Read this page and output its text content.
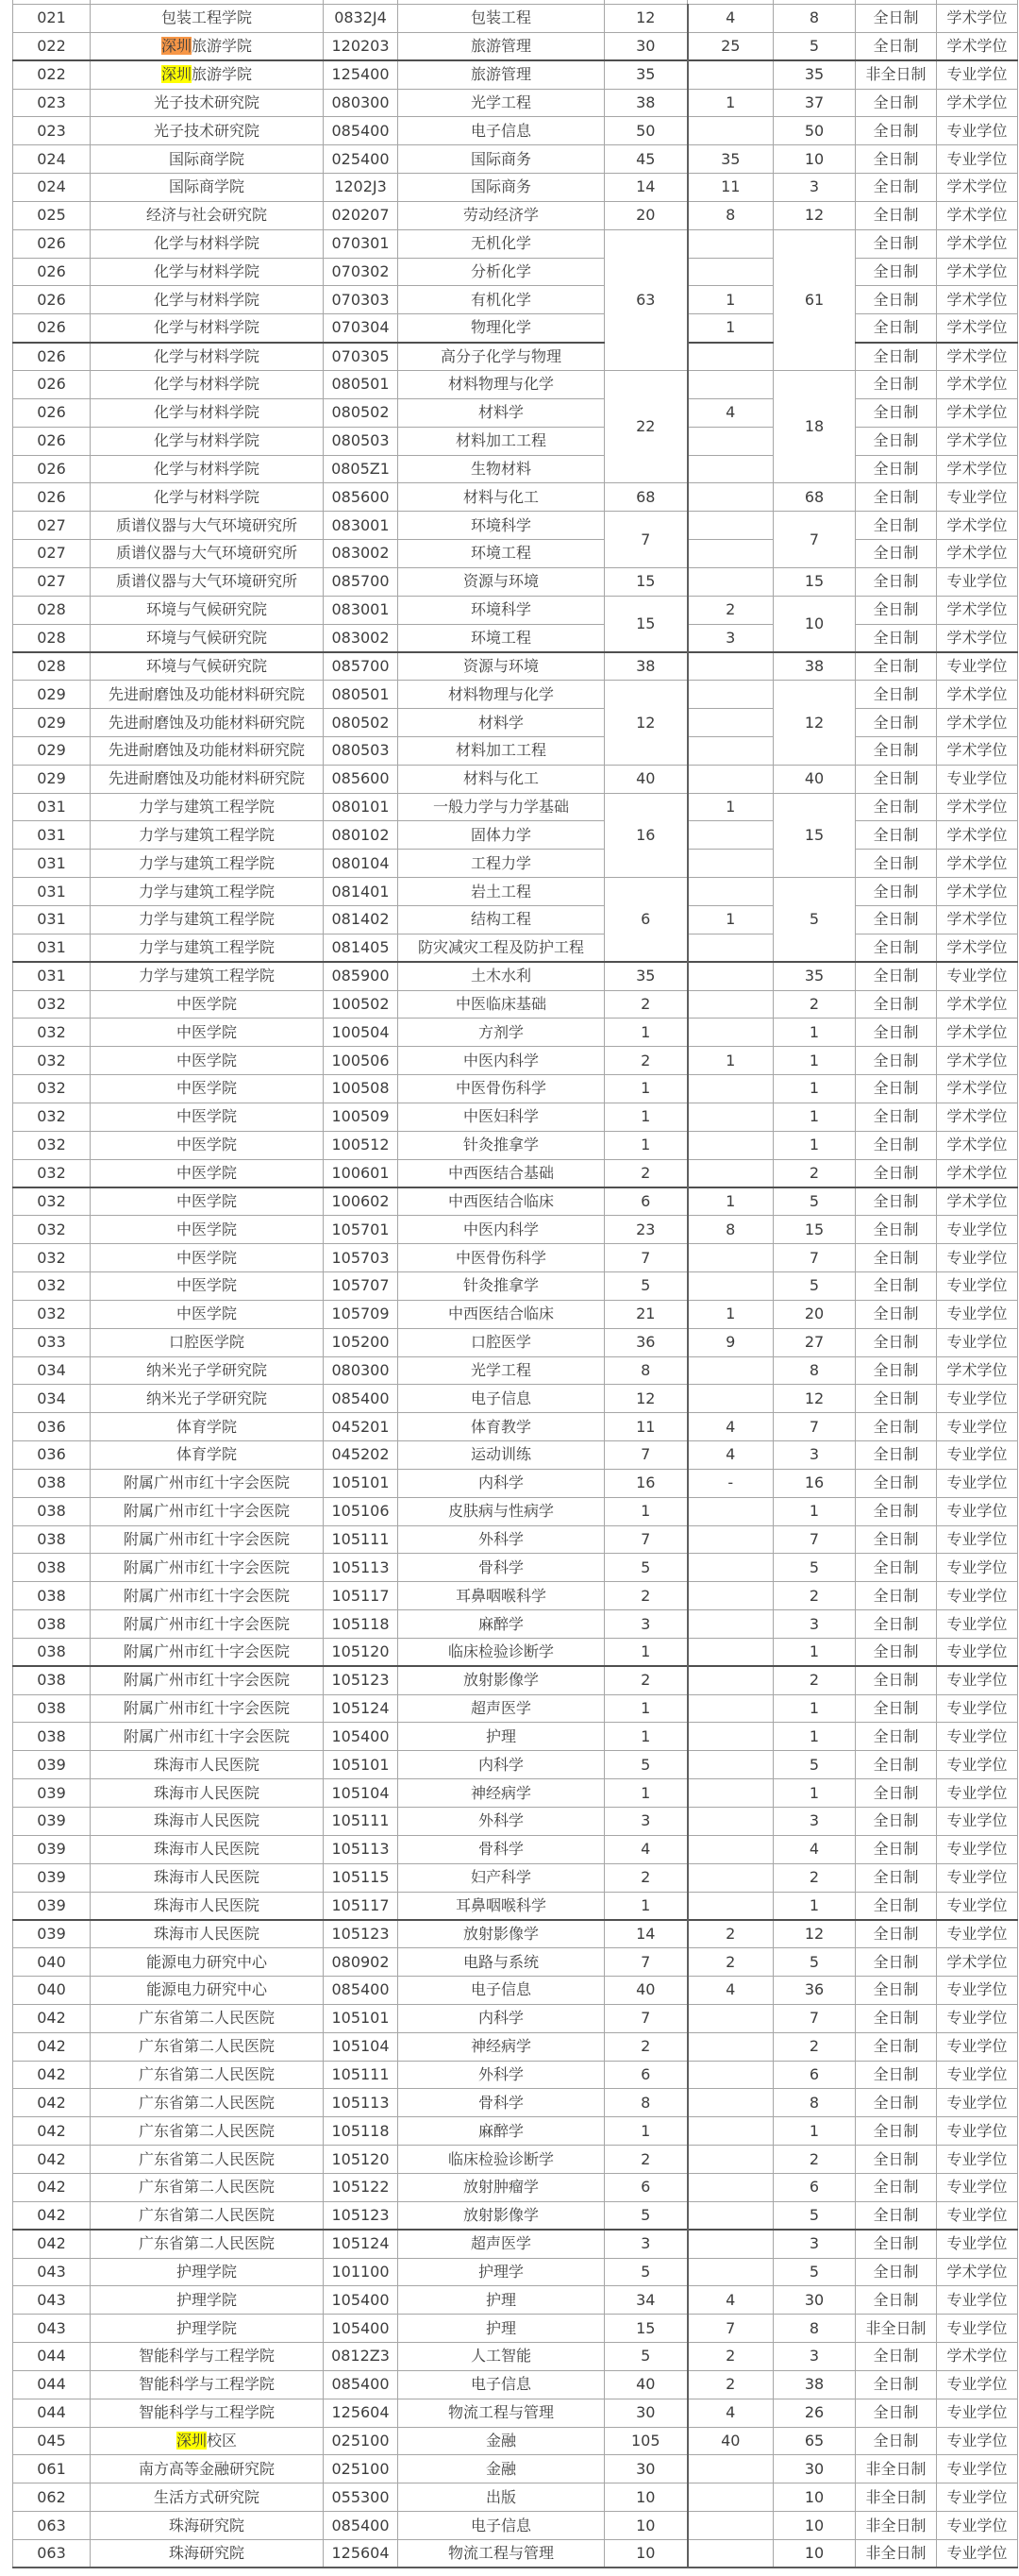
021	包装工程学院	0832J4	包装工程	12	4	8	全日制	学术学位
022	深圳旅游学院	120203	旅游管理	30	25	5	全日制	学术学位
022	深圳旅游学院	125400	旅游管理	35		35	非全日制	专业学位
023	光子技术研究院	080300	光学工程	38	1	37	全日制	学术学位
023	光子技术研究院	085400	电子信息	50		50	全日制	专业学位
024	国际商学院	025400	国际商务	45	35	10	全日制	专业学位
024	国际商学院	1202J3	国际商务	14	11	3	全日制	学术学位
025	经济与社会研究院	020207	劳动经济学	20	8	12	全日制	学术学位
026	化学与材料学院	070301	无机化学	63		61	全日制	学术学位
026	化学与材料学院	070302	分析化学				全日制	学术学位
026	化学与材料学院	070303	有机化学		1		全日制	学术学位
026	化学与材料学院	070304	物理化学		1		全日制	学术学位
026	化学与材料学院	070305	高分子化学与物理				全日制	学术学位
026	化学与材料学院	080501	材料物理与化学	22		18	全日制	学术学位
026	化学与材料学院	080502	材料学		4		全日制	学术学位
026	化学与材料学院	080503	材料加工工程				全日制	学术学位
026	化学与材料学院	0805Z1	生物材料				全日制	学术学位
026	化学与材料学院	085600	材料与化工	68		68	全日制	专业学位
027	质谱仪器与大气环境研究所	083001	环境科学	7		7	全日制	学术学位
027	质谱仪器与大气环境研究所	083002	环境工程				全日制	学术学位
027	质谱仪器与大气环境研究所	085700	资源与环境	15		15	全日制	专业学位
028	环境与气候研究院	083001	环境科学	15	2	10	全日制	学术学位
028	环境与气候研究院	083002	环境工程		3		全日制	学术学位
028	环境与气候研究院	085700	资源与环境	38		38	全日制	专业学位
029	先进耐磨蚀及功能材料研究院	080501	材料物理与化学	12		12	全日制	学术学位
029	先进耐磨蚀及功能材料研究院	080502	材料学				全日制	学术学位
029	先进耐磨蚀及功能材料研究院	080503	材料加工工程				全日制	学术学位
029	先进耐磨蚀及功能材料研究院	085600	材料与化工	40		40	全日制	专业学位
031	力学与建筑工程学院	080101	一般力学与力学基础	16	1	15	全日制	学术学位
031	力学与建筑工程学院	080102	固体力学				全日制	学术学位
031	力学与建筑工程学院	080104	工程力学				全日制	学术学位
031	力学与建筑工程学院	081401	岩土工程	6		5	全日制	学术学位
031	力学与建筑工程学院	081402	结构工程		1		全日制	学术学位
031	力学与建筑工程学院	081405	防灾减灾工程及防护工程				全日制	学术学位
031	力学与建筑工程学院	085900	土木水利	35		35	全日制	专业学位
032	中医学院	100502	中医临床基础	2		2	全日制	学术学位
032	中医学院	100504	方剂学	1		1	全日制	学术学位
032	中医学院	100506	中医内科学	2	1	1	全日制	学术学位
032	中医学院	100508	中医骨伤科学	1		1	全日制	学术学位
032	中医学院	100509	中医妇科学	1		1	全日制	学术学位
032	中医学院	100512	针灸推拿学	1		1	全日制	学术学位
032	中医学院	100601	中西医结合基础	2		2	全日制	学术学位
032	中医学院	100602	中西医结合临床	6	1	5	全日制	学术学位
032	中医学院	105701	中医内科学	23	8	15	全日制	专业学位
032	中医学院	105703	中医骨伤科学	7		7	全日制	专业学位
032	中医学院	105707	针灸推拿学	5		5	全日制	专业学位
032	中医学院	105709	中西医结合临床	21	1	20	全日制	专业学位
033	口腔医学院	105200	口腔医学	36	9	27	全日制	专业学位
034	纳米光子学研究院	080300	光学工程	8		8	全日制	学术学位
034	纳米光子学研究院	085400	电子信息	12		12	全日制	专业学位
036	体育学院	045201	体育教学	11	4	7	全日制	专业学位
036	体育学院	045202	运动训练	7	4	3	全日制	专业学位
038	附属广州市红十字会医院	105101	内科学	16	-	16	全日制	专业学位
038	附属广州市红十字会医院	105106	皮肤病与性病学	1		1	全日制	专业学位
038	附属广州市红十字会医院	105111	外科学	7		7	全日制	专业学位
038	附属广州市红十字会医院	105113	骨科学	5		5	全日制	专业学位
038	附属广州市红十字会医院	105117	耳鼻咽喉科学	2		2	全日制	专业学位
038	附属广州市红十字会医院	105118	麻醉学	3		3	全日制	专业学位
038	附属广州市红十字会医院	105120	临床检验诊断学	1		1	全日制	专业学位
038	附属广州市红十字会医院	105123	放射影像学	2		2	全日制	专业学位
038	附属广州市红十字会医院	105124	超声医学	1		1	全日制	专业学位
038	附属广州市红十字会医院	105400	护理	1		1	全日制	专业学位
039	珠海市人民医院	105101	内科学	5		5	全日制	专业学位
039	珠海市人民医院	105104	神经病学	1		1	全日制	专业学位
039	珠海市人民医院	105111	外科学	3		3	全日制	专业学位
039	珠海市人民医院	105113	骨科学	4		4	全日制	专业学位
039	珠海市人民医院	105115	妇产科学	2		2	全日制	专业学位
039	珠海市人民医院	105117	耳鼻咽喉科学	1		1	全日制	专业学位
039	珠海市人民医院	105123	放射影像学	14	2	12	全日制	专业学位
040	能源电力研究中心	080902	电路与系统	7	2	5	全日制	学术学位
040	能源电力研究中心	085400	电子信息	40	4	36	全日制	专业学位
042	广东省第二人民医院	105101	内科学	7		7	全日制	专业学位
042	广东省第二人民医院	105104	神经病学	2		2	全日制	专业学位
042	广东省第二人民医院	105111	外科学	6		6	全日制	专业学位
042	广东省第二人民医院	105113	骨科学	8		8	全日制	专业学位
042	广东省第二人民医院	105118	麻醉学	1		1	全日制	专业学位
042	广东省第二人民医院	105120	临床检验诊断学	2		2	全日制	专业学位
042	广东省第二人民医院	105122	放射肿瘤学	6		6	全日制	专业学位
042	广东省第二人民医院	105123	放射影像学	5		5	全日制	专业学位
042	广东省第二人民医院	105124	超声医学	3		3	全日制	专业学位
043	护理学院	101100	护理学	5		5	全日制	学术学位
043	护理学院	105400	护理	34	4	30	全日制	专业学位
043	护理学院	105400	护理	15	7	8	非全日制	专业学位
044	智能科学与工程学院	0812Z3	人工智能	5	2	3	全日制	学术学位
044	智能科学与工程学院	085400	电子信息	40	2	38	全日制	专业学位
044	智能科学与工程学院	125604	物流工程与管理	30	4	26	全日制	专业学位
045	深圳校区	025100	金融	105	40	65	全日制	专业学位
061	南方高等金融研究院	025100	金融	30		30	非全日制	专业学位
062	生活方式研究院	055300	出版	10		10	非全日制	专业学位
063	珠海研究院	085400	电子信息	10		10	非全日制	专业学位
063	珠海研究院	125604	物流工程与管理	10		10	非全日制	专业学位
